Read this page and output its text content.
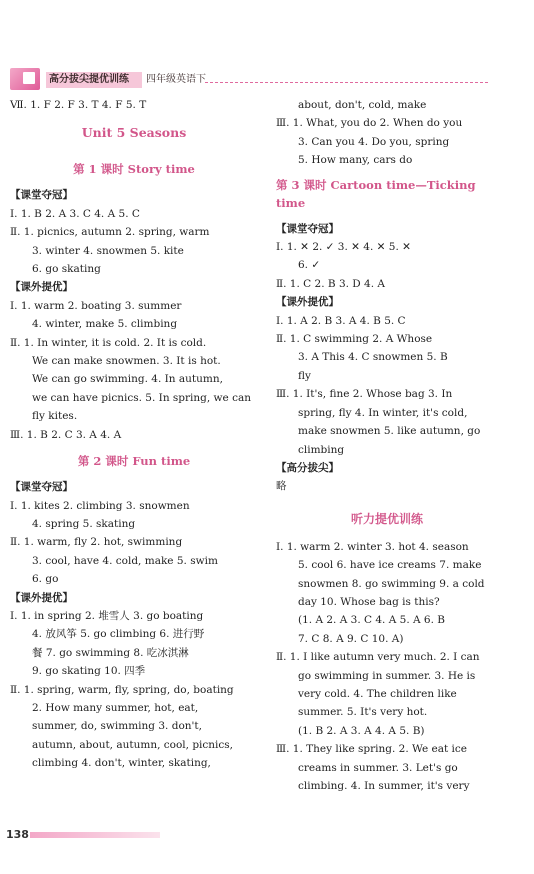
高分拔尖提优训练 四年级英语下

Ⅶ. 1. F 2. F 3. T 4. F 5. T

Unit 5 Seasons
第 1 课时 Story time
【课堂夺冠】

Ⅰ. 1. B 2. A 3. C 4. A 5. C

Ⅱ. 1. picnics, autumn 2. spring, warm

3. winter 4. snowmen 5. kite

6. go skating

【课外提优】

Ⅰ. 1. warm 2. boating 3. summer

4. winter, make 5. climbing

Ⅱ. 1. In winter, it is cold. 2. It is cold.

We can make snowmen. 3. It is hot.

We can go swimming. 4. In autumn,

we can have picnics. 5. In spring, we can

fly kites.

Ⅲ. 1. B 2. C 3. A 4. A

第 2 课时 Fun time
【课堂夺冠】

Ⅰ. 1. kites 2. climbing 3. snowmen

4. spring 5. skating

Ⅱ. 1. warm, fly 2. hot, swimming

3. cool, have 4. cold, make 5. swim

6. go

【课外提优】

Ⅰ. 1. in spring 2. 堆雪人 3. go boating

4. 放风筝 5. go climbing 6. 进行野

餐 7. go swimming 8. 吃冰淇淋

9. go skating 10. 四季

Ⅱ. 1. spring, warm, fly, spring, do, boating

2. How many summer, hot, eat,

summer, do, swimming 3. don't,

autumn, about, autumn, cool, picnics,

climbing 4. don't, winter, skating,

about, don't, cold, make

Ⅲ. 1. What, you do 2. When do you

3. Can you 4. Do you, spring

5. How many, cars do

第 3 课时 Cartoon time—Ticking time
【课堂夺冠】

Ⅰ. 1. ✕ 2. ✓ 3. ✕ 4. ✕ 5. ✕

6. ✓

Ⅱ. 1. C 2. B 3. D 4. A

【课外提优】

Ⅰ. 1. A 2. B 3. A 4. B 5. C

Ⅱ. 1. C swimming 2. A Whose

3. A This 4. C snowmen 5. B

fly

Ⅲ. 1. It's, fine 2. Whose bag 3. In

spring, fly 4. In winter, it's cold,

make snowmen 5. like autumn, go

climbing

【高分拔尖】

略

听力提优训练

Ⅰ. 1. warm 2. winter 3. hot 4. season

5. cool 6. have ice creams 7. make

snowmen 8. go swimming 9. a cold

day 10. Whose bag is this?

(1. A 2. A 3. C 4. A 5. A 6. B

7. C 8. A 9. C 10. A)

Ⅱ. 1. I like autumn very much. 2. I can

go swimming in summer. 3. He is

very cold. 4. The children like

summer. 5. It's very hot.

(1. B 2. A 3. A 4. A 5. B)

Ⅲ. 1. They like spring. 2. We eat ice

creams in summer. 3. Let's go

climbing. 4. In summer, it's very

138
